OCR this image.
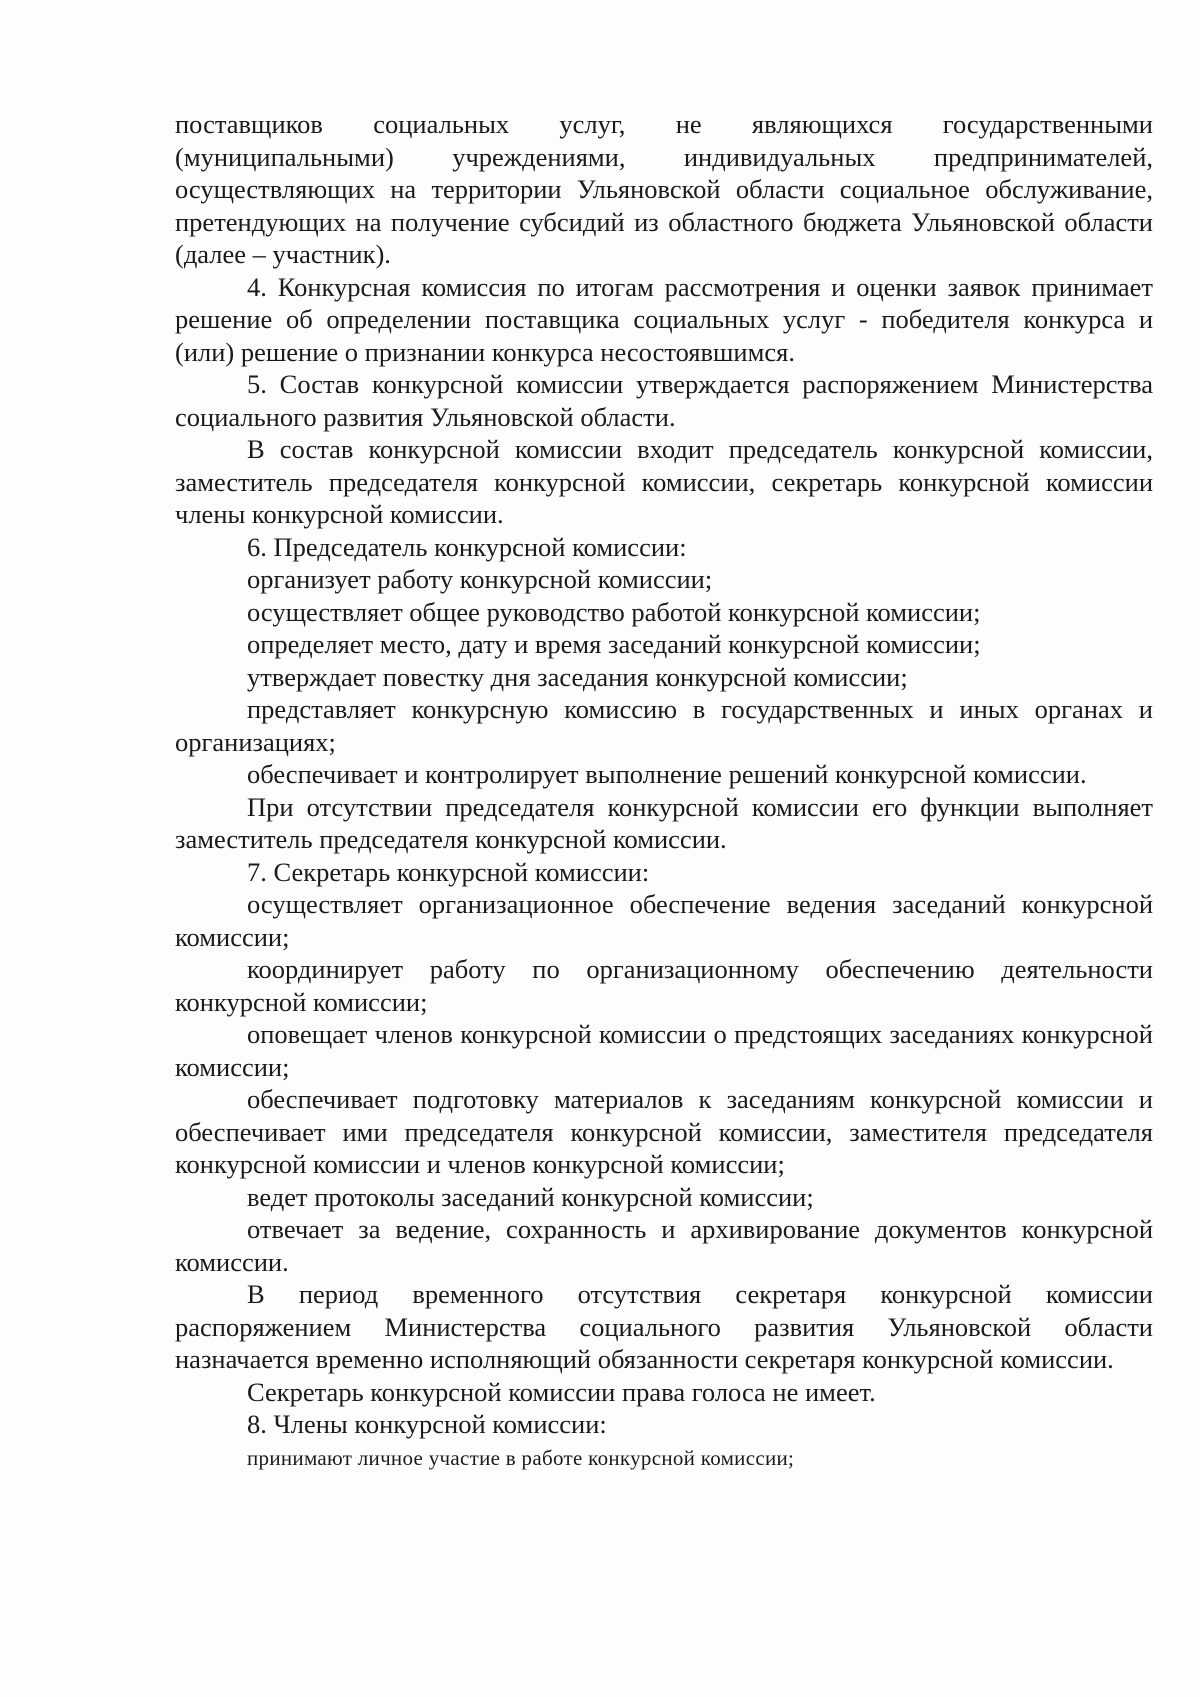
поставщиков социальных услуг, не являющихся государственными (муниципальными) учреждениями, индивидуальных предпринимателей, осуществляющих на территории Ульяновской области социальное обслуживание, претендующих на получение субсидий из областного бюджета Ульяновской области (далее – участник).

4. Конкурсная комиссия по итогам рассмотрения и оценки заявок принимает решение об определении поставщика социальных услуг - победителя конкурса и (или) решение о признании конкурса несостоявшимся.

5. Состав конкурсной комиссии утверждается распоряжением Министерства социального развития Ульяновской области.

В состав конкурсной комиссии входит председатель конкурсной комиссии, заместитель председателя конкурсной комиссии, секретарь конкурсной комиссии члены конкурсной комиссии.

6. Председатель конкурсной комиссии:

организует работу конкурсной комиссии;

осуществляет общее руководство работой конкурсной комиссии;

определяет место, дату и время заседаний конкурсной комиссии;

утверждает повестку дня заседания конкурсной комиссии;

представляет конкурсную комиссию в государственных и иных органах и организациях;

обеспечивает и контролирует выполнение решений конкурсной комиссии.

При отсутствии председателя конкурсной комиссии его функции выполняет заместитель председателя конкурсной комиссии.

7. Секретарь конкурсной комиссии:

осуществляет организационное обеспечение ведения заседаний конкурсной комиссии;

координирует работу по организационному обеспечению деятельности конкурсной комиссии;

оповещает членов конкурсной комиссии о предстоящих заседаниях конкурсной комиссии;

обеспечивает подготовку материалов к заседаниям конкурсной комиссии и обеспечивает ими председателя конкурсной комиссии, заместителя председателя конкурсной комиссии и членов конкурсной комиссии;

ведет протоколы заседаний конкурсной комиссии;

отвечает за ведение, сохранность и архивирование документов конкурсной комиссии.

В период временного отсутствия секретаря конкурсной комиссии распоряжением Министерства социального развития Ульяновской области назначается временно исполняющий обязанности секретаря конкурсной комиссии.

Секретарь конкурсной комиссии права голоса не имеет.

8. Члены конкурсной комиссии:

принимают личное участие в работе конкурсной комиссии;
